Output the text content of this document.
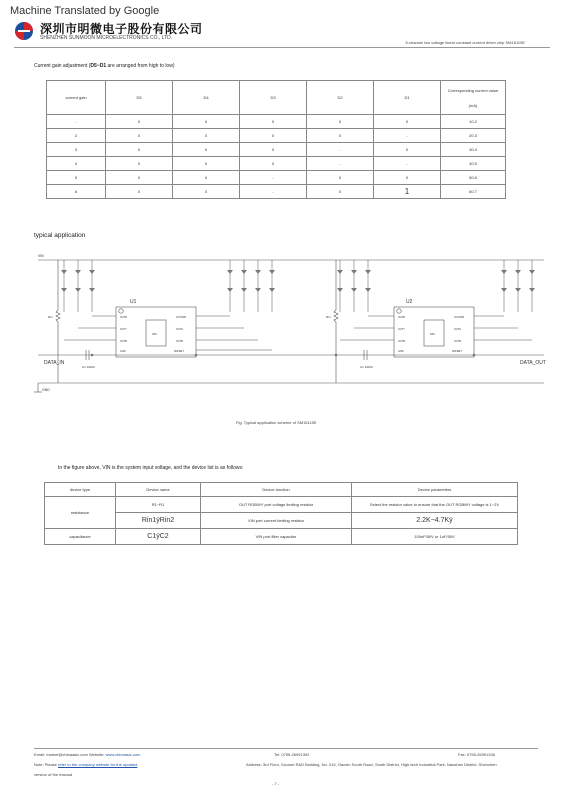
Machine Translated by Google
深圳市明微电子股份有限公司
SHENZHEN SUNMOON MICROELECTRONICS CO., LTD.
5-channel low voltage linear constant current driver chip SM15115E
Current gain adjustment (D5~D1 are arranged from high to low)
current gain	D5	D4	D3	D2	D1	Corresponding current value
(mA)

-	0	0	0	0	0	10.2
2	0	0	0	0	-	20.3
3	0	0	0	-	0	30.4
4	0	0	0	-	-	40.5
5	0	0	-	0	0	50.6
6	0	0	-	0	1	60.7
typical application
VIN
GND
U1	U2
DATA_IN	DATA_OUT
Rin	Rin
C1 100nF	C1 100nF
SM	SM
OUTR
OUTY
OUTB
GND
OUTW/R
OUTG
OUTB
SDI/RET
OUTR
OUTY
OUTB
GND
OUTW/R
OUTG
OUTB
SDI/RET
Fig. Typical application scheme of SM15115E
In the figure above, VIN is the system input voltage, and the device list is as follows:
device type	Device name	Device function	Device parameters
resistance	R1~R1	OUT RGBWY port voltage limiting resistor	Select the resistor value to ensure that the OUT RGBWY voltage is 1~2V
	Rin1ÿRin2	VIN port current limiting resistor	2.2K~4.7Kÿ
capacitance	C1ÿC2	VIN port filter capacitor	100nF/50V or 1uF/50V
Email: market@chinaasic.com Website: www.chinaasic.com	Tel: 0755-26991392	Fax: 0755-26991336
Note: Please refer to the company website for the updated	Address: 3rd Floor, Guowei R&D Building, No. 015, Gaoxin South Road, South District, High-tech Industrial Park, Nanshan District, Shenzhen
version of the manual
- 7 -
